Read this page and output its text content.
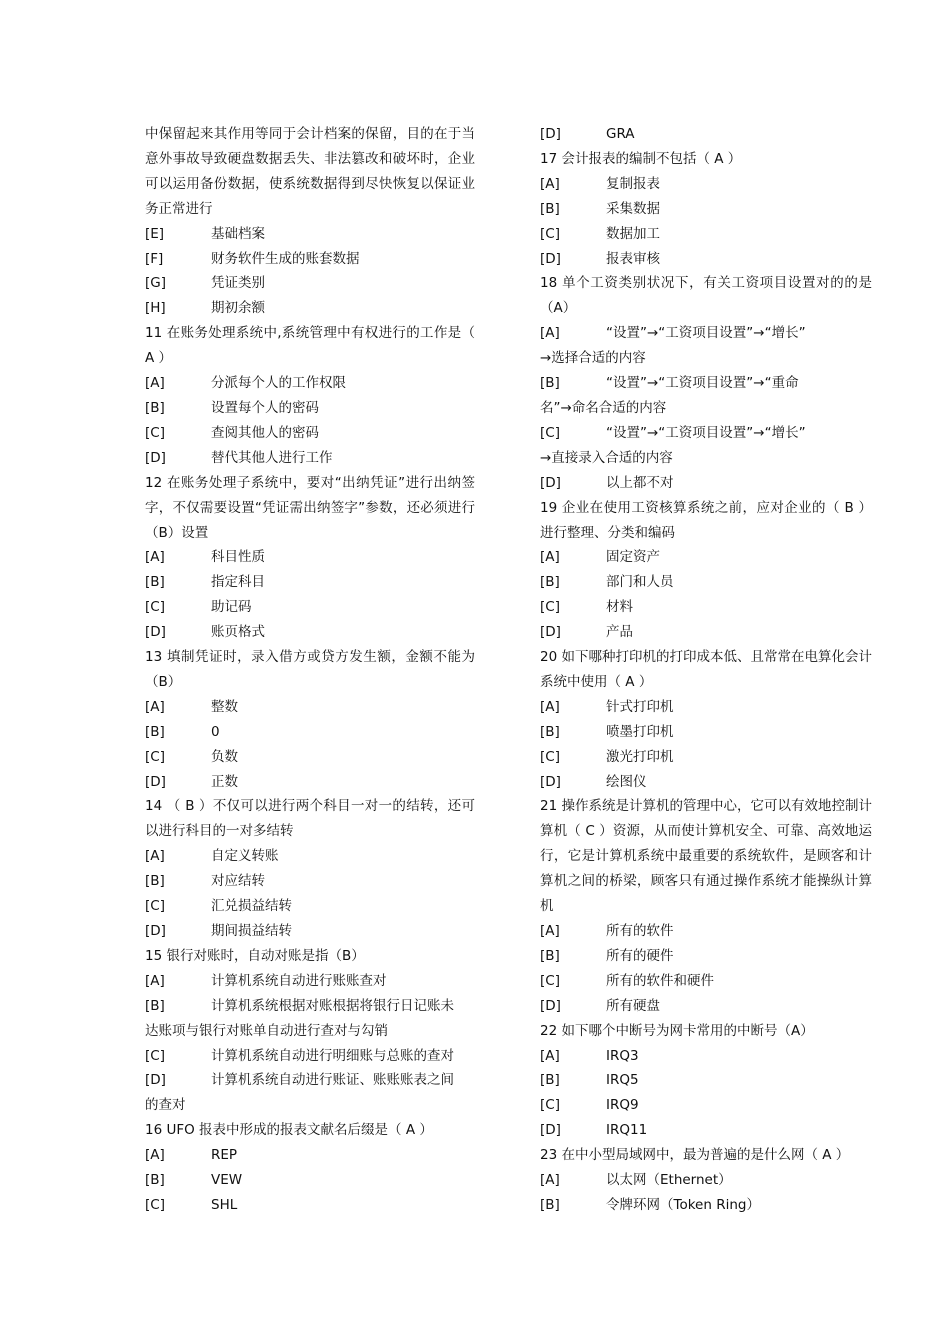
中保留起来其作用等同于会计档案的保留，目的在于当意外事故导致硬盘数据丢失、非法篡改和破坏时，企业可以运用备份数据，使系统数据得到尽快恢复以保证业务正常进行
[E]	基础档案
[F]	财务软件生成的账套数据
[G]	凭证类别
[H]	期初余额
11 在账务处理系统中,系统管理中有权进行的工作是（ A ）
[A]	分派每个人的工作权限
[B]	设置每个人的密码
[C]	查阅其他人的密码
[D]	替代其他人进行工作
12 在账务处理子系统中，要对“出纳凭证”进行出纳签字，不仅需要设置“凭证需出纳签字”参数，还必须进行（B）设置
[A]	科目性质
[B]	指定科目
[C]	助记码
[D]	账页格式
13 填制凭证时，录入借方或贷方发生额，金额不能为（B）
[A]	整数
[B]	0
[C]	负数
[D]	正数
14 （ B ）不仅可以进行两个科目一对一的结转，还可以进行科目的一对多结转
[A]	自定义转账
[B]	对应结转
[C]	汇兑损益结转
[D]	期间损益结转
15 银行对账时，自动对账是指（B）
[A]	计算机系统自动进行账账查对
[B]	计算机系统根据对账根据将银行日记账未
达账项与银行对账单自动进行查对与勾销
[C]	计算机系统自动进行明细账与总账的查对
[D]	计算机系统自动进行账证、账账账表之间
的查对
16 UFO 报表中形成的报表文献名后缀是（ A ）
[A]	REP
[B]	VEW
[C]	SHL
[D]	GRA
17 会计报表的编制不包括（ A ）
[A]	复制报表
[B]	采集数据
[C]	数据加工
[D]	报表审核
18 单个工资类别状况下，有关工资项目设置对的的是（A）
[A]	“设置”→“工资项目设置”→“增长”
→选择合适的内容
[B]	“设置”→“工资项目设置”→“重命
名”→命名合适的内容
[C]	“设置”→“工资项目设置”→“增长”
→直接录入合适的内容
[D]	以上都不对
19 企业在使用工资核算系统之前，应对企业的（ B ）进行整理、分类和编码
[A]	固定资产
[B]	部门和人员
[C]	材料
[D]	产品
20 如下哪种打印机的打印成本低、且常常在电算化会计系统中使用（ A ）
[A]	针式打印机
[B]	喷墨打印机
[C]	激光打印机
[D]	绘图仪
21 操作系统是计算机的管理中心，它可以有效地控制计算机（ C ）资源，从而使计算机安全、可靠、高效地运行，它是计算机系统中最重要的系统软件，是顾客和计算机之间的桥梁，顾客只有通过操作系统才能操纵计算机
[A]	所有的软件
[B]	所有的硬件
[C]	所有的软件和硬件
[D]	所有硬盘
22 如下哪个中断号为网卡常用的中断号（A）
[A]	IRQ3
[B]	IRQ5
[C]	IRQ9
[D]	IRQ11
23 在中小型局域网中，最为普遍的是什么网（ A ）
[A]	以太网（Ethernet）
[B]	令牌环网（Token Ring）
